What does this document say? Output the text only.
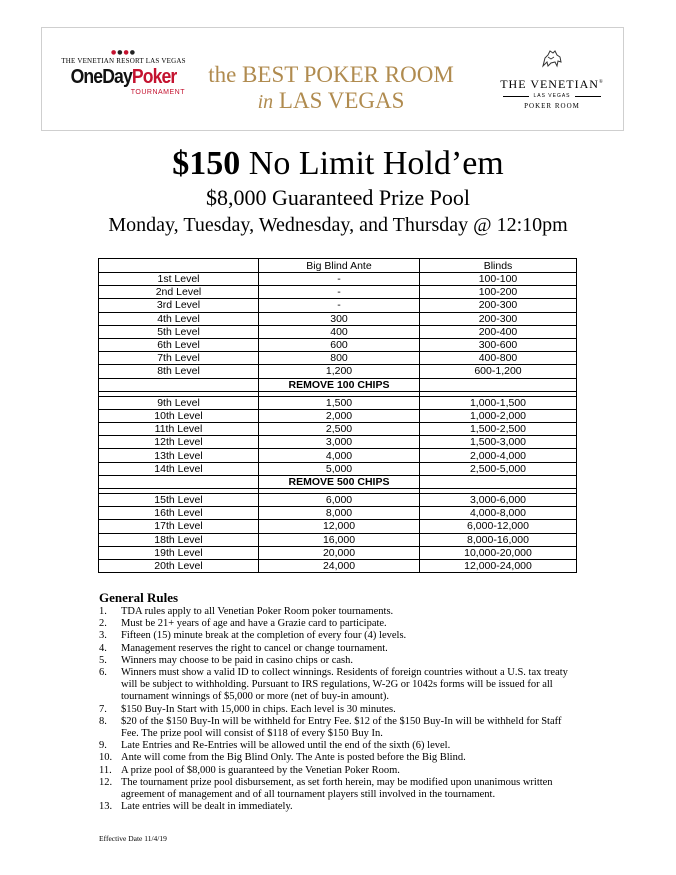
●●●●
THE VENETIAN RESORT LAS VEGAS
OneDayPoker
TOURNAMENT
the BEST POKER ROOM
in LAS VEGAS
THE VENETIAN®
LAS VEGAS
POKER ROOM
$150 No Limit Hold’em
$8,000 Guaranteed Prize Pool
Monday, Tuesday, Wednesday, and Thursday @ 12:10pm
	Big Blind Ante	Blinds
1st Level	-	100-100
2nd Level	-	100-200
3rd Level	-	200-300
4th Level	300	200-300
5th Level	400	200-400
6th Level	600	300-600
7th Level	800	400-800
8th Level	1,200	600-1,200
	REMOVE 100 CHIPS	

9th Level	1,500	1,000-1,500
10th Level	2,000	1,000-2,000
11th Level	2,500	1,500-2,500
12th Level	3,000	1,500-3,000
13th Level	4,000	2,000-4,000
14th Level	5,000	2,500-5,000
	REMOVE 500 CHIPS	

15th Level	6,000	3,000-6,000
16th Level	8,000	4,000-8,000
17th Level	12,000	6,000-12,000
18th Level	16,000	8,000-16,000
19th Level	20,000	10,000-20,000
20th Level	24,000	12,000-24,000
General Rules
1. TDA rules apply to all Venetian Poker Room poker tournaments.
2. Must be 21+ years of age and have a Grazie card to participate.
3. Fifteen (15) minute break at the completion of every four (4) levels.
4. Management reserves the right to cancel or change tournament.
5. Winners may choose to be paid in casino chips or cash.
6. Winners must show a valid ID to collect winnings. Residents of foreign countries without a U.S. tax treaty will be subject to withholding. Pursuant to IRS regulations, W-2G or 1042s forms will be issued for all tournament winnings of $5,000 or more (net of buy-in amount).
7. $150 Buy-In Start with 15,000 in chips. Each level is 30 minutes.
8. $20 of the $150 Buy-In will be withheld for Entry Fee. $12 of the $150 Buy-In will be withheld for Staff Fee. The prize pool will consist of $118 of every $150 Buy In.
9. Late Entries and Re-Entries will be allowed until the end of the sixth (6) level.
10. Ante will come from the Big Blind Only. The Ante is posted before the Big Blind.
11. A prize pool of $8,000 is guaranteed by the Venetian Poker Room.
12. The tournament prize pool disbursement, as set forth herein, may be modified upon unanimous written agreement of management and of all tournament players still involved in the tournament.
13. Late entries will be dealt in immediately.
Effective Date 11/4/19
